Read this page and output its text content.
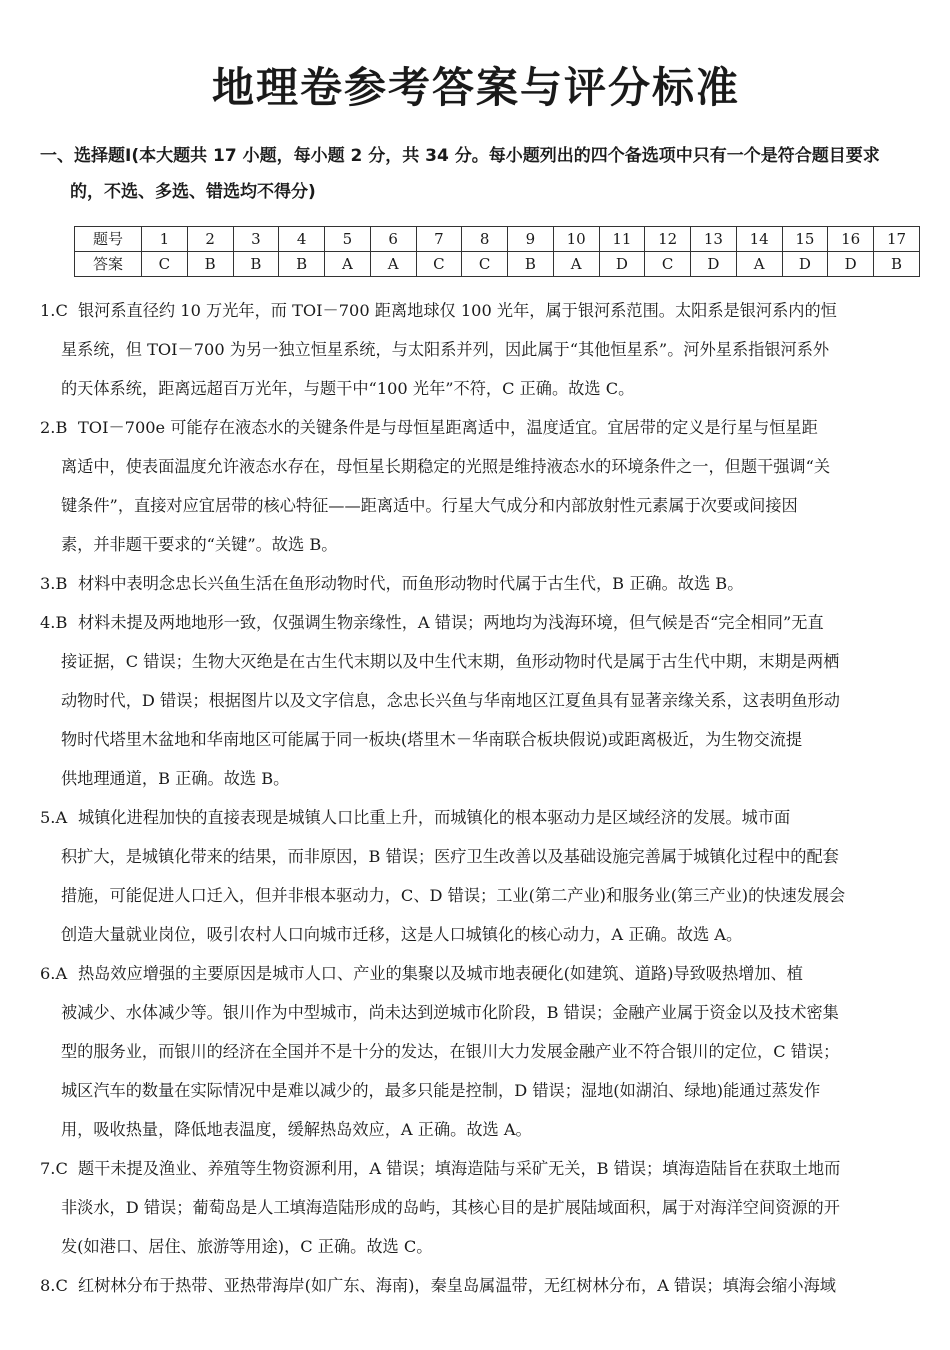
地理卷参考答案与评分标准
一、选择题Ⅰ(本大题共 17 小题，每小题 2 分，共 34 分。每小题列出的四个备选项中只有一个是符合题目要求
的，不选、多选、错选均不得分)
题号	1	2	3	4	5	6	7	8	9	10	11	12	13	14	15	16	17
答案	C	B	B	B	A	A	C	C	B	A	D	C	D	A	D	D	B
1.C 银河系直径约 10 万光年，而 TOI－700 距离地球仅 100 光年，属于银河系范围。太阳系是银河系内的恒
星系统，但 TOI－700 为另一独立恒星系统，与太阳系并列，因此属于“其他恒星系”。河外星系指银河系外
的天体系统，距离远超百万光年，与题干中“100 光年”不符，C 正确。故选 C。
2.B TOI－700e 可能存在液态水的关键条件是与母恒星距离适中，温度适宜。宜居带的定义是行星与恒星距
离适中，使表面温度允许液态水存在，母恒星长期稳定的光照是维持液态水的环境条件之一，但题干强调“关
键条件”，直接对应宜居带的核心特征——距离适中。行星大气成分和内部放射性元素属于次要或间接因
素，并非题干要求的“关键”。故选 B。
3.B 材料中表明念忠长兴鱼生活在鱼形动物时代，而鱼形动物时代属于古生代，B 正确。故选 B。
4.B 材料未提及两地地形一致，仅强调生物亲缘性，A 错误；两地均为浅海环境，但气候是否“完全相同”无直
接证据，C 错误；生物大灭绝是在古生代末期以及中生代末期，鱼形动物时代是属于古生代中期，末期是两栖
动物时代，D 错误；根据图片以及文字信息，念忠长兴鱼与华南地区江夏鱼具有显著亲缘关系，这表明鱼形动
物时代塔里木盆地和华南地区可能属于同一板块(塔里木－华南联合板块假说)或距离极近，为生物交流提
供地理通道，B 正确。故选 B。
5.A 城镇化进程加快的直接表现是城镇人口比重上升，而城镇化的根本驱动力是区域经济的发展。城市面
积扩大，是城镇化带来的结果，而非原因，B 错误；医疗卫生改善以及基础设施完善属于城镇化过程中的配套
措施，可能促进人口迁入，但并非根本驱动力，C、D 错误；工业(第二产业)和服务业(第三产业)的快速发展会
创造大量就业岗位，吸引农村人口向城市迁移，这是人口城镇化的核心动力，A 正确。故选 A。
6.A 热岛效应增强的主要原因是城市人口、产业的集聚以及城市地表硬化(如建筑、道路)导致吸热增加、植
被减少、水体减少等。银川作为中型城市，尚未达到逆城市化阶段，B 错误；金融产业属于资金以及技术密集
型的服务业，而银川的经济在全国并不是十分的发达，在银川大力发展金融产业不符合银川的定位，C 错误；
城区汽车的数量在实际情况中是难以减少的，最多只能是控制，D 错误；湿地(如湖泊、绿地)能通过蒸发作
用，吸收热量，降低地表温度，缓解热岛效应，A 正确。故选 A。
7.C 题干未提及渔业、养殖等生物资源利用，A 错误；填海造陆与采矿无关，B 错误；填海造陆旨在获取土地而
非淡水，D 错误；葡萄岛是人工填海造陆形成的岛屿，其核心目的是扩展陆域面积，属于对海洋空间资源的开
发(如港口、居住、旅游等用途)，C 正确。故选 C。
8.C 红树林分布于热带、亚热带海岸(如广东、海南)，秦皇岛属温带，无红树林分布，A 错误；填海会缩小海域
